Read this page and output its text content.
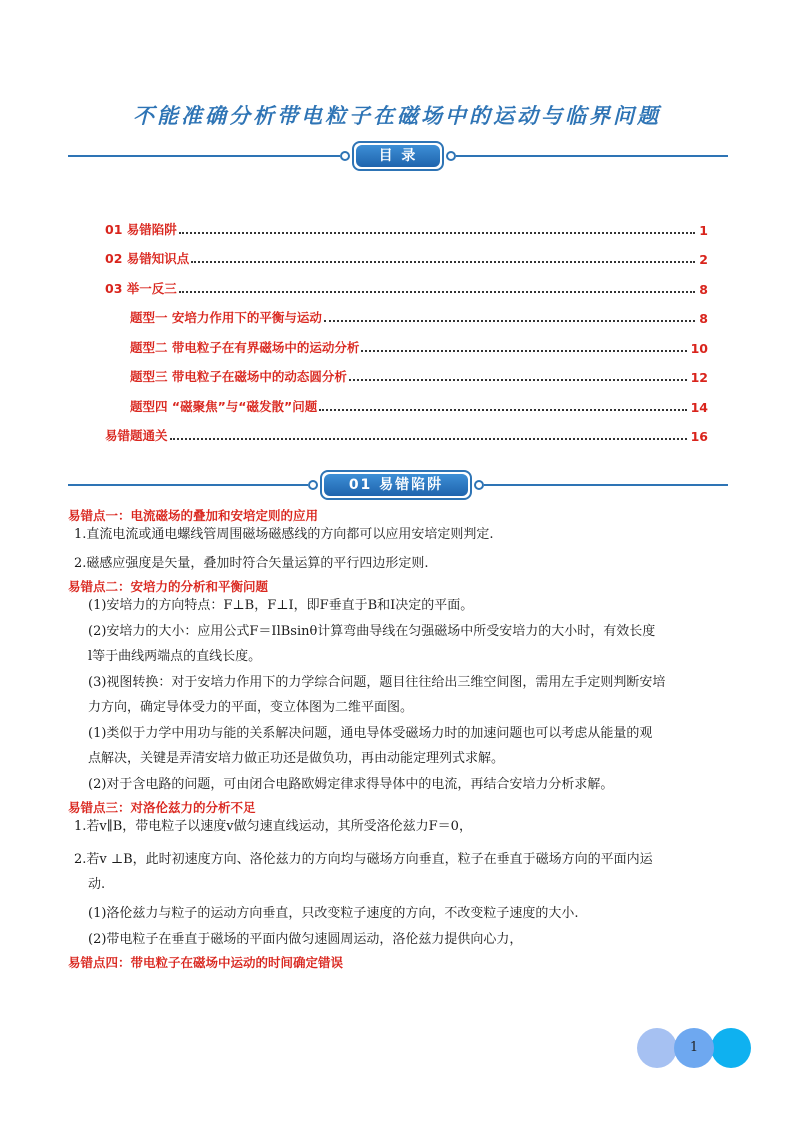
不能准确分析带电粒子在磁场中的运动与临界问题
目 录
01 易错陷阱	1
02 易错知识点	2
03 举一反三	8
题型一 安培力作用下的平衡与运动	8
题型二 带电粒子在有界磁场中的运动分析	10
题型三 带电粒子在磁场中的动态圆分析	12
题型四 “磁聚焦”与“磁发散”问题	14
易错题通关	16
01 易错陷阱
易错点一：电流磁场的叠加和安培定则的应用
1.直流电流或通电螺线管周围磁场磁感线的方向都可以应用安培定则判定.
2.磁感应强度是矢量，叠加时符合矢量运算的平行四边形定则.
易错点二：安培力的分析和平衡问题
(1)安培力的方向特点：F⊥B，F⊥I，即F垂直于B和I决定的平面。
(2)安培力的大小：应用公式F＝IlBsinθ计算弯曲导线在匀强磁场中所受安培力的大小时，有效长度
l等于曲线两端点的直线长度。
(3)视图转换：对于安培力作用下的力学综合问题，题目往往给出三维空间图，需用左手定则判断安培
力方向，确定导体受力的平面，变立体图为二维平面图。
(1)类似于力学中用功与能的关系解决问题，通电导体受磁场力时的加速问题也可以考虑从能量的观
点解决，关键是弄清安培力做正功还是做负功，再由动能定理列式求解。
(2)对于含电路的问题，可由闭合电路欧姆定律求得导体中的电流，再结合安培力分析求解。
易错点三：对洛伦兹力的分析不足
1.若v∥B，带电粒子以速度v做匀速直线运动，其所受洛伦兹力F＝0，
2.若v ⊥B，此时初速度方向、洛伦兹力的方向均与磁场方向垂直，粒子在垂直于磁场方向的平面内运
动.
(1)洛伦兹力与粒子的运动方向垂直，只改变粒子速度的方向，不改变粒子速度的大小.
(2)带电粒子在垂直于磁场的平面内做匀速圆周运动，洛伦兹力提供向心力，
易错点四：带电粒子在磁场中运动的时间确定错误
1
